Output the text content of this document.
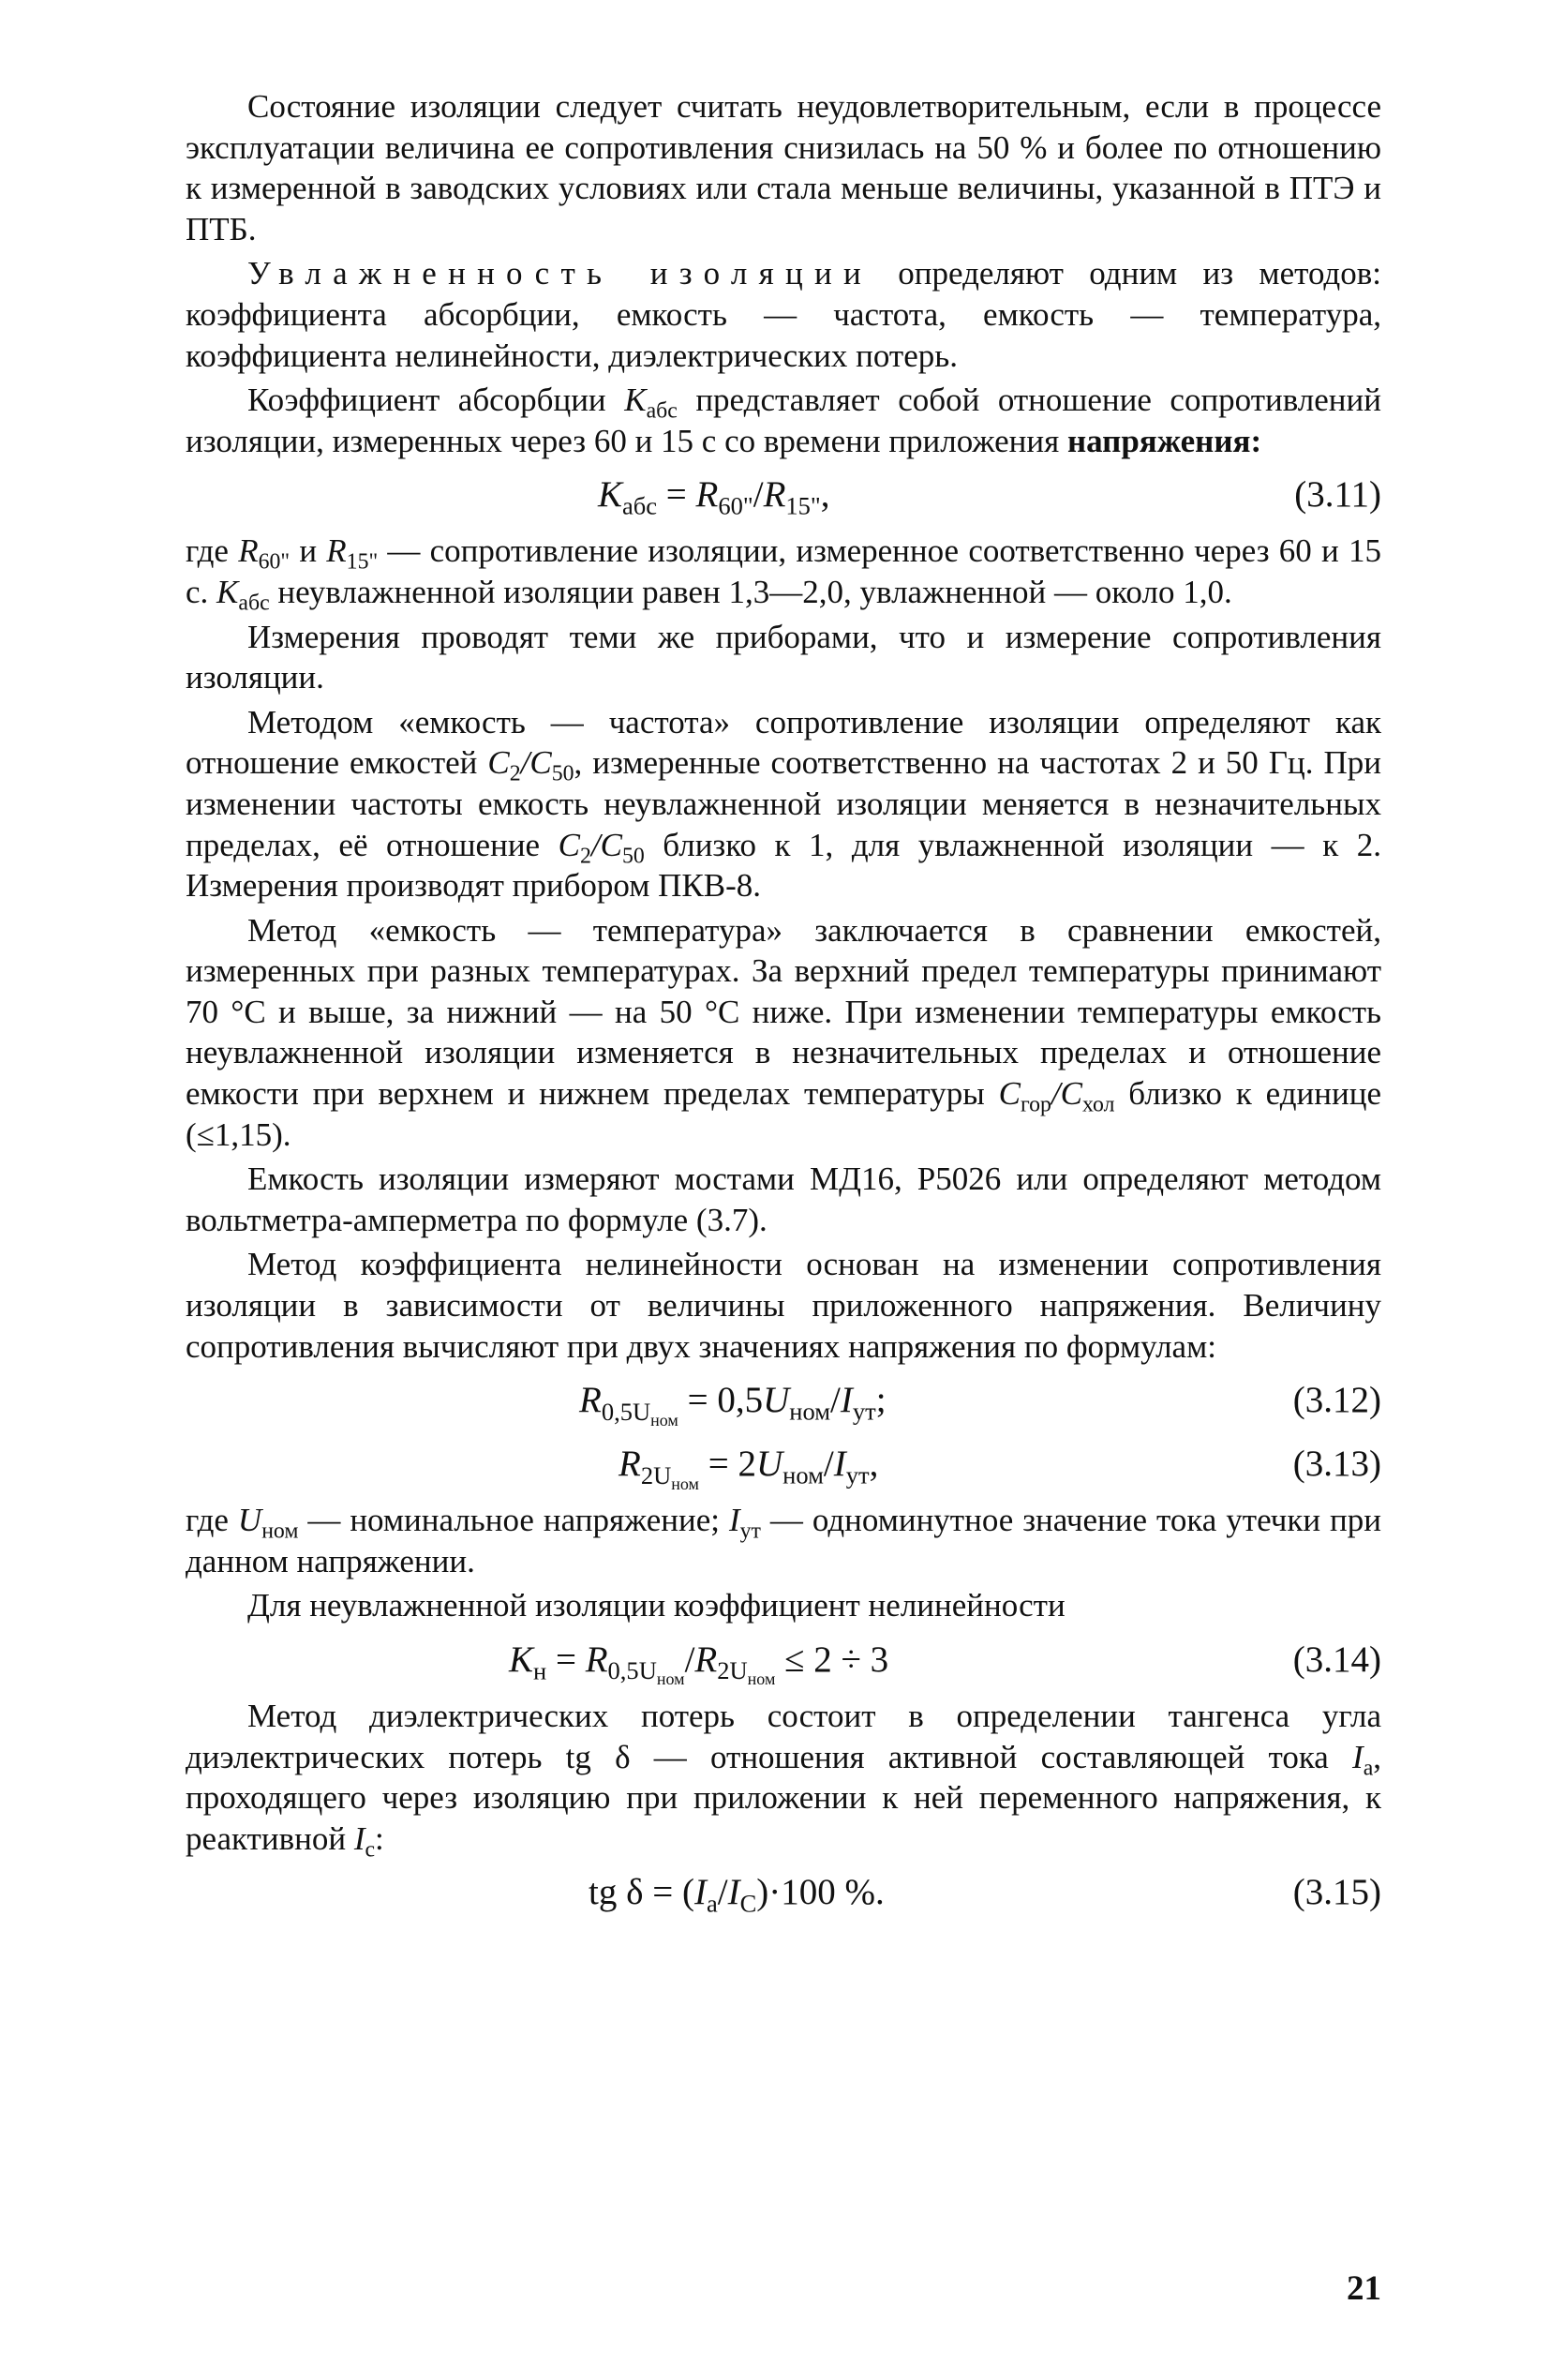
Состояние изоляции следует считать неудовлетворительным, если в процессе эксплуатации величина ее сопротивления снизилась на 50 % и более по отношению к измеренной в заводских условиях или стала меньше величины, указанной в ПТЭ и ПТБ.

Увлажненность изоляции определяют одним из методов: коэффициента абсорбции, емкость — частота, емкость — температура, коэффициента нелинейности, диэлектрических потерь.

Коэффициент абсорбции $K_{абс}$ представляет собой отношение сопротивлений изоляции, измеренных через 60 и 15 с со времени приложения напряжения:

$K_{абс} = R_{60"}/R_{15"}$,	(3.11)

где $R_{60"}$ и $R_{15"}$ — сопротивление изоляции, измеренное соответственно через 60 и 15 с. $K_{абс}$ неувлажненной изоляции равен 1,3—2,0, увлажненной — около 1,0.

Измерения проводят теми же приборами, что и измерение сопротивления изоляции.

Методом «емкость — частота» сопротивление изоляции определяют как отношение емкостей $C_2/C_{50}$, измеренные соответственно на частотах 2 и 50 Гц. При изменении частоты емкость неувлажненной изоляции меняется в незначительных пределах, её отношение $C_2/C_{50}$ близко к 1, для увлажненной изоляции — к 2. Измерения производят прибором ПКВ-8.

Метод «емкость — температура» заключается в сравнении емкостей, измеренных при разных температурах. За верхний предел температуры принимают 70 °С и выше, за нижний — на 50 °С ниже. При изменении температуры емкость неувлажненной изоляции изменяется в незначительных пределах и отношение емкости при верхнем и нижнем пределах температуры $C_{гор}/C_{хол}$ близко к единице (≤1,15).

Емкость изоляции измеряют мостами МД16, Р5026 или определяют методом вольтметра-амперметра по формуле (3.7).

Метод коэффициента нелинейности основан на изменении сопротивления изоляции в зависимости от величины приложенного напряжения. Величину сопротивления вычисляют при двух значениях напряжения по формулам:

$R_{0,5U_{ном}} = 0,5U_{ном}/I_{ут}$;	(3.12)
$R_{2U_{ном}} = 2U_{ном}/I_{ут}$,	(3.13)

где $U_{ном}$ — номинальное напряжение; $I_{ут}$ — одноминутное значение тока утечки при данном напряжении.

Для неувлажненной изоляции коэффициент нелинейности

$K_н = R_{0,5U_{ном}}/R_{2U_{ном}} \le 2 \div 3$	(3.14)

Метод диэлектрических потерь состоит в определении тангенса угла диэлектрических потерь tg δ — отношения активной составляющей тока $I_а$, проходящего через изоляцию при приложении к ней переменного напряжения, к реактивной $I_c$:

tg $\delta = (I_a/I_C)\cdot 100$ %.	(3.15)
21
